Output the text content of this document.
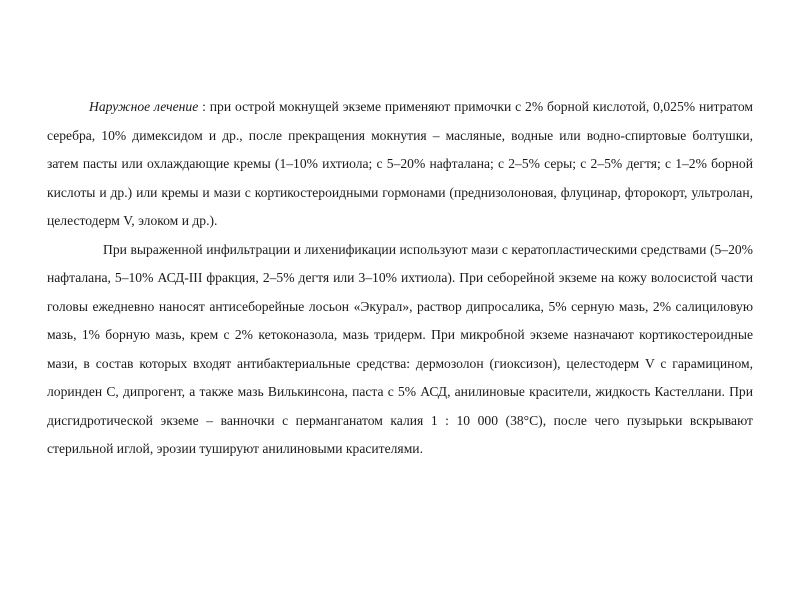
Наружное лечение : при острой мокнущей экземе применяют примочки с 2% борной кислотой, 0,025% нитратом серебра, 10% димексидом и др., после прекращения мокнутия – масляные, водные или водно-спиртовые болтушки, затем пасты или охлаждающие кремы (1–10% ихтиола; с 5–20% нафталана; с 2–5% серы; с 2–5% дегтя; с 1–2% борной кислоты и др.) или кремы и мази с кортикостероидными гормонами (преднизолоновая, флуцинар, фторокорт, ультролан, целестодерм V, элоком и др.).

При выраженной инфильтрации и лихенификации используют мази с кератопластическими средствами (5–20% нафталана, 5–10% АСД-III фракция, 2–5% дегтя или 3–10% ихтиола). При себорейной экземе на кожу волосистой части головы ежедневно наносят антисеборейные лосьон «Экурал», раствор дипросалика, 5% серную мазь, 2% салициловую мазь, 1% борную мазь, крем с 2% кетоконазола, мазь тридерм. При микробной экземе назначают кортикостероидные мази, в состав которых входят антибактериальные средства: дермозолон (гиоксизон), целестодерм V с гарамицином, лоринден С, дипрогент, а также мазь Вилькинсона, паста с 5% АСД, анилиновые красители, жидкость Кастеллани. При дисгидротической экземе – ванночки с перманганатом калия 1 : 10 000 (38°С), после чего пузырьки вскрывают стерильной иглой, эрозии тушируют анилиновыми красителями.
